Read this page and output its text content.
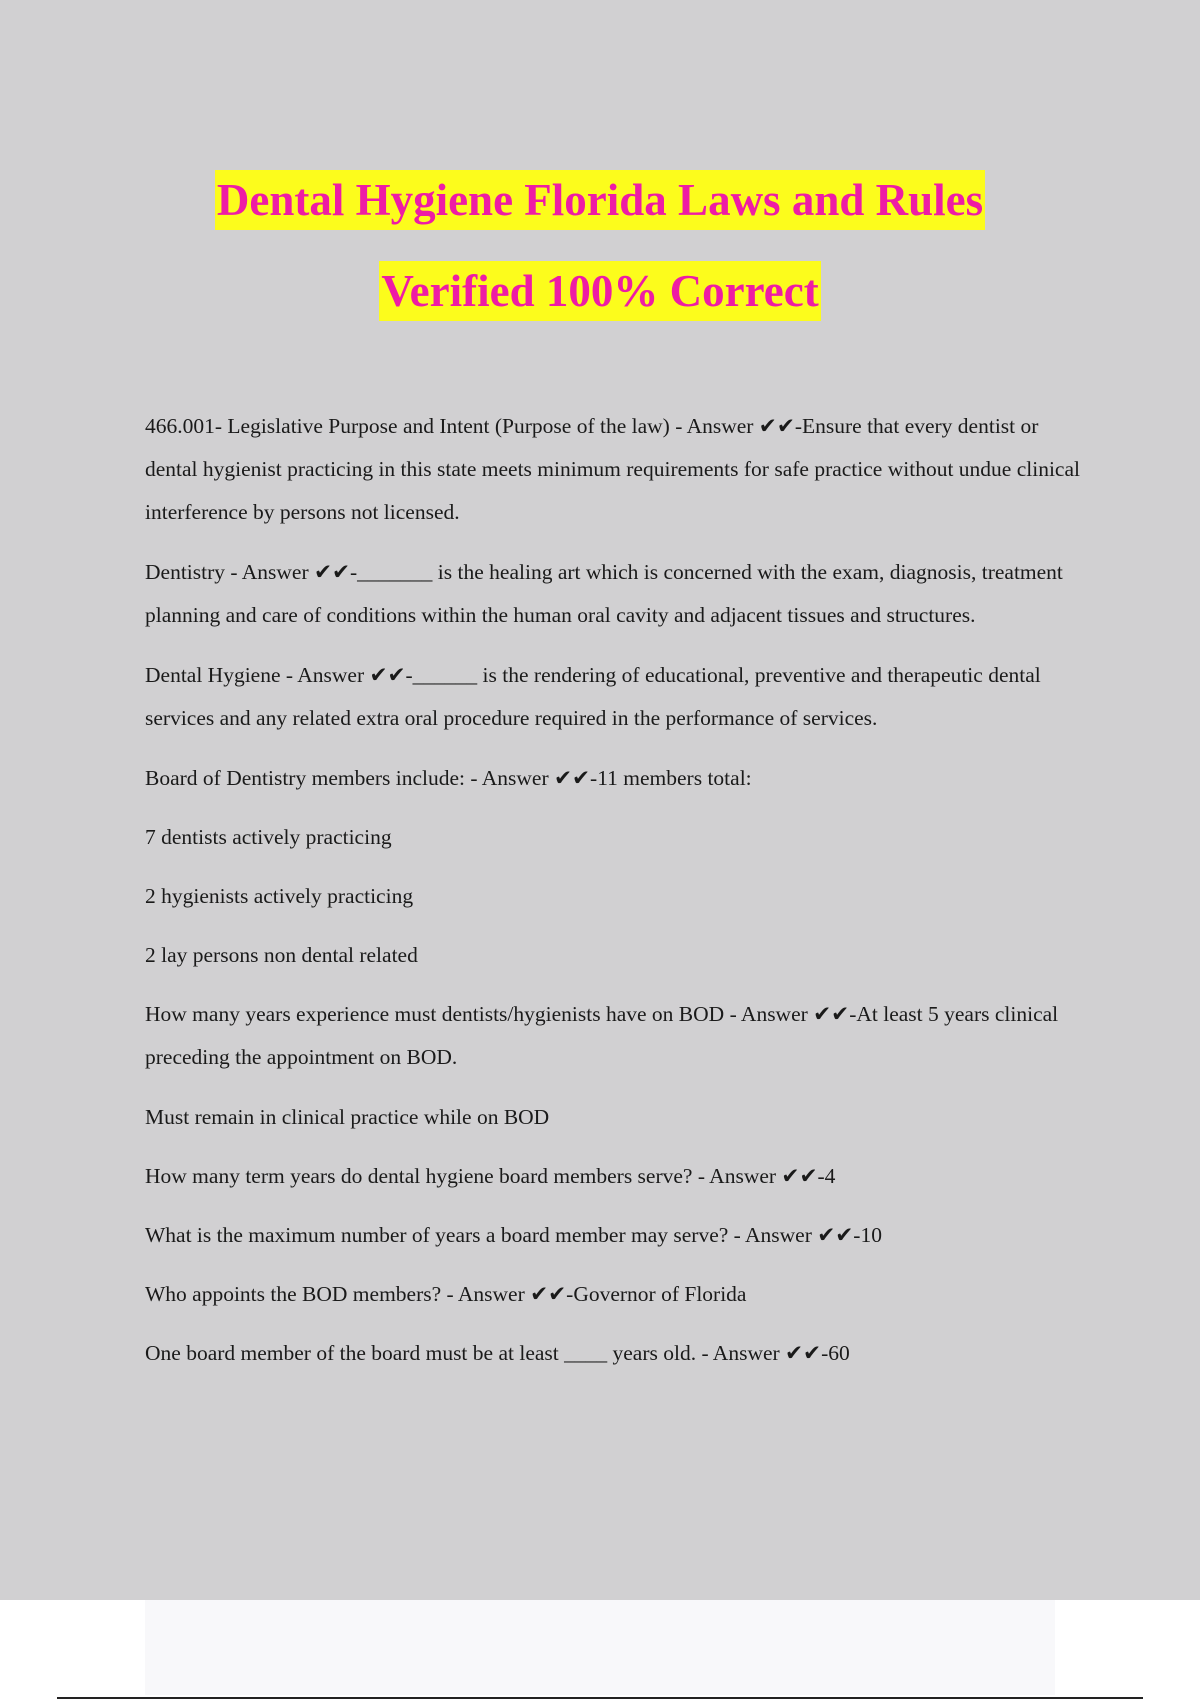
Dental Hygiene Florida Laws and Rules
Verified 100% Correct

466.001- Legislative Purpose and Intent (Purpose of the law) - Answer ✔✔-Ensure that every dentist or dental hygienist practicing in this state meets minimum requirements for safe practice without undue clinical interference by persons not licensed.

Dentistry - Answer ✔✔-_______ is the healing art which is concerned with the exam, diagnosis, treatment planning and care of conditions within the human oral cavity and adjacent tissues and structures.

Dental Hygiene - Answer ✔✔-______ is the rendering of educational, preventive and therapeutic dental services and any related extra oral procedure required in the performance of services.

Board of Dentistry members include: - Answer ✔✔-11 members total:

7 dentists actively practicing

2 hygienists actively practicing

2 lay persons non dental related

How many years experience must dentists/hygienists have on BOD - Answer ✔✔-At least 5 years clinical preceding the appointment on BOD.

Must remain in clinical practice while on BOD

How many term years do dental hygiene board members serve? - Answer ✔✔-4

What is the maximum number of years a board member may serve? - Answer ✔✔-10

Who appoints the BOD members? - Answer ✔✔-Governor of Florida

One board member of the board must be at least ____ years old. - Answer ✔✔-60
